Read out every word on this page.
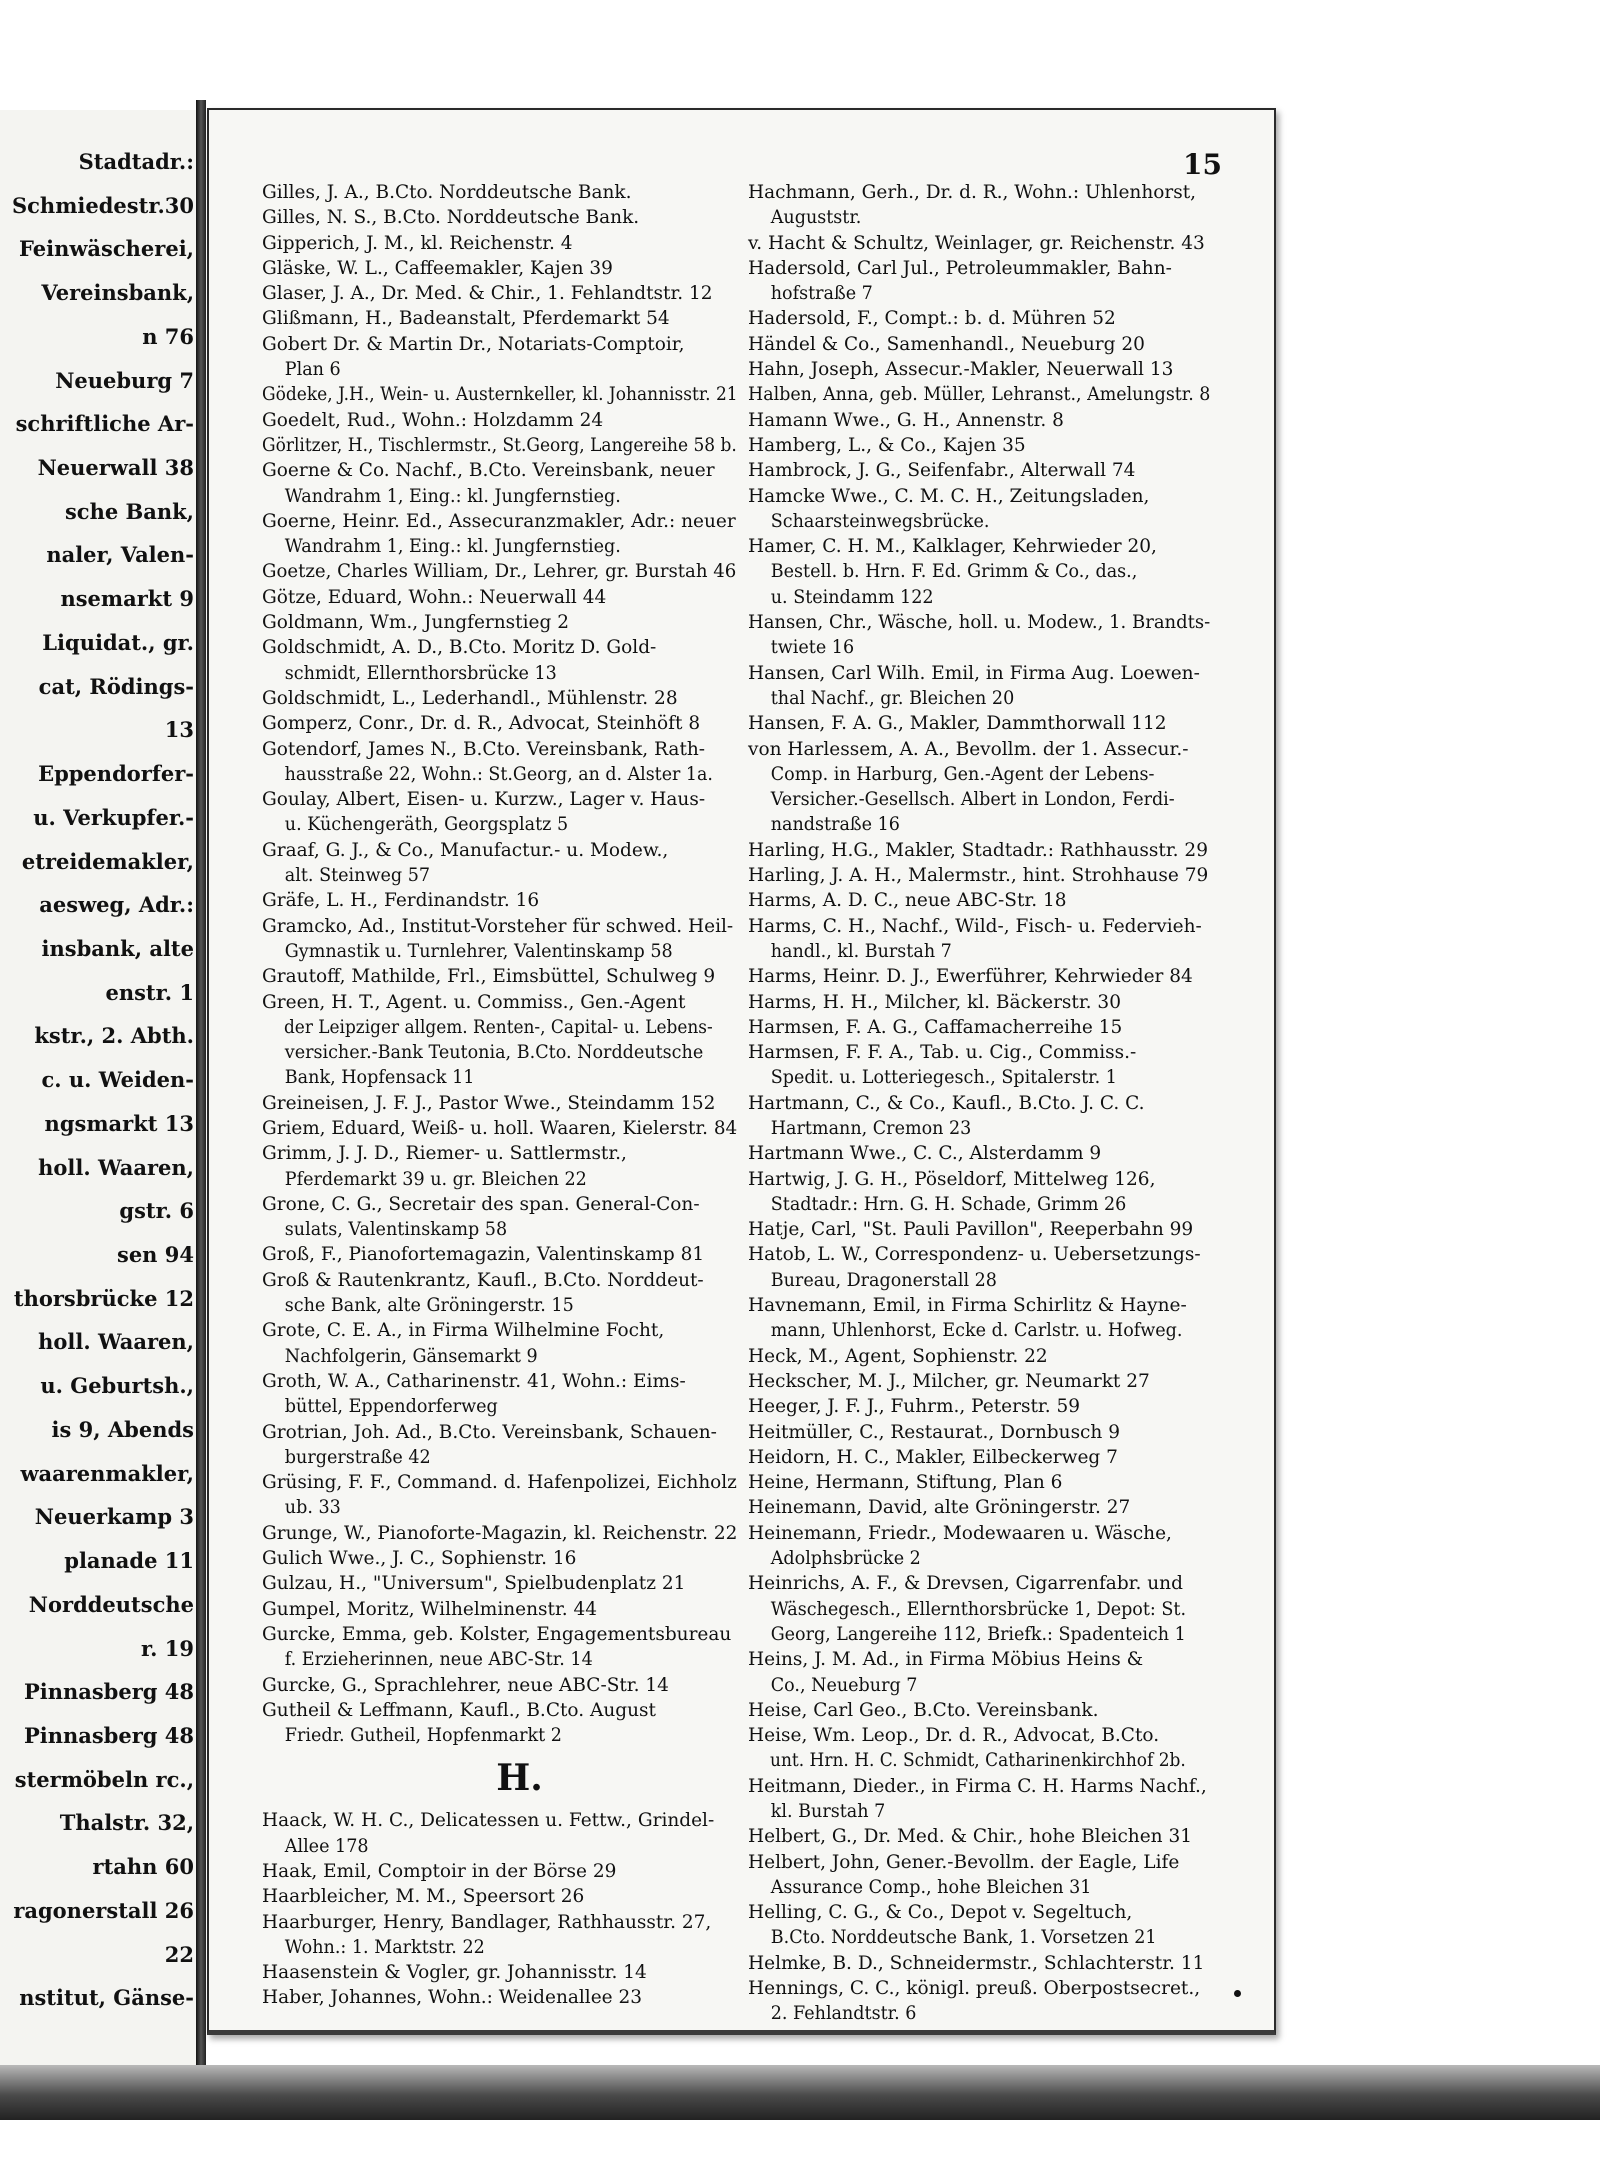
Stadtadr.:
Schmiedestr.30
Feinwäscherei,
Vereinsbank,
n 76
Neueburg 7
schriftliche Ar-
Neuerwall 38
sche Bank,
naler, Valen-
nsemarkt 9
Liquidat., gr.
cat, Rödings-
13
Eppendorfer-
u. Verkupfer.-
etreidemakler,
aesweg, Adr.:
insbank, alte
enstr. 1
kstr., 2. Abth.
c. u. Weiden-
ngsmarkt 13
holl. Waaren,
gstr. 6
sen 94
thorsbrücke 12
holl. Waaren,
u. Geburtsh.,
is 9, Abends
waarenmakler,
Neuerkamp 3
planade 11
Norddeutsche
r. 19
Pinnasberg 48
Pinnasberg 48
stermöbeln rc.,
Thalstr. 32,
rtahn 60
ragonerstall 26
22
nstitut, Gänse-
15
Gilles, J. A., B.Cto. Norddeutsche Bank.
Gilles, N. S., B.Cto. Norddeutsche Bank.
Gipperich, J. M., kl. Reichenstr. 4
Gläske, W. L., Caffeemakler, Kajen 39
Glaser, J. A., Dr. Med. & Chir., 1. Fehlandtstr. 12
Glißmann, H., Badeanstalt, Pferdemarkt 54
Gobert Dr. & Martin Dr., Notariats-Comptoir,
Plan 6
Gödeke, J.H., Wein- u. Austernkeller, kl. Johannisstr. 21
Goedelt, Rud., Wohn.: Holzdamm 24
Görlitzer, H., Tischlermstr., St.Georg, Langereihe 58 b.
Goerne & Co. Nachf., B.Cto. Vereinsbank, neuer
Wandrahm 1, Eing.: kl. Jungfernstieg.
Goerne, Heinr. Ed., Assecuranzmakler, Adr.: neuer
Wandrahm 1, Eing.: kl. Jungfernstieg.
Goetze, Charles William, Dr., Lehrer, gr. Burstah 46
Götze, Eduard, Wohn.: Neuerwall 44
Goldmann, Wm., Jungfernstieg 2
Goldschmidt, A. D., B.Cto. Moritz D. Gold-
schmidt, Ellernthorsbrücke 13
Goldschmidt, L., Lederhandl., Mühlenstr. 28
Gomperz, Conr., Dr. d. R., Advocat, Steinhöft 8
Gotendorf, James N., B.Cto. Vereinsbank, Rath-
hausstraße 22, Wohn.: St.Georg, an d. Alster 1a.
Goulay, Albert, Eisen- u. Kurzw., Lager v. Haus-
u. Küchengeräth, Georgsplatz 5
Graaf, G. J., & Co., Manufactur.- u. Modew.,
alt. Steinweg 57
Gräfe, L. H., Ferdinandstr. 16
Gramcko, Ad., Institut-Vorsteher für schwed. Heil-
Gymnastik u. Turnlehrer, Valentinskamp 58
Grautoff, Mathilde, Frl., Eimsbüttel, Schulweg 9
Green, H. T., Agent. u. Commiss., Gen.-Agent
der Leipziger allgem. Renten-, Capital- u. Lebens-
versicher.-Bank Teutonia, B.Cto. Norddeutsche
Bank, Hopfensack 11
Greineisen, J. F. J., Pastor Wwe., Steindamm 152
Griem, Eduard, Weiß- u. holl. Waaren, Kielerstr. 84
Grimm, J. J. D., Riemer- u. Sattlermstr.,
Pferdemarkt 39 u. gr. Bleichen 22
Grone, C. G., Secretair des span. General-Con-
sulats, Valentinskamp 58
Groß, F., Pianofortemagazin, Valentinskamp 81
Groß & Rautenkrantz, Kaufl., B.Cto. Norddeut-
sche Bank, alte Gröningerstr. 15
Grote, C. E. A., in Firma Wilhelmine Focht,
Nachfolgerin, Gänsemarkt 9
Groth, W. A., Catharinenstr. 41, Wohn.: Eims-
büttel, Eppendorferweg
Grotrian, Joh. Ad., B.Cto. Vereinsbank, Schauen-
burgerstraße 42
Grüsing, F. F., Command. d. Hafenpolizei, Eichholz
ub. 33
Grunge, W., Pianoforte-Magazin, kl. Reichenstr. 22
Gulich Wwe., J. C., Sophienstr. 16
Gulzau, H., "Universum", Spielbudenplatz 21
Gumpel, Moritz, Wilhelminenstr. 44
Gurcke, Emma, geb. Kolster, Engagementsbureau
f. Erzieherinnen, neue ABC-Str. 14
Gurcke, G., Sprachlehrer, neue ABC-Str. 14
Gutheil & Leffmann, Kaufl., B.Cto. August
Friedr. Gutheil, Hopfenmarkt 2
H.
Haack, W. H. C., Delicatessen u. Fettw., Grindel-
Allee 178
Haak, Emil, Comptoir in der Börse 29
Haarbleicher, M. M., Speersort 26
Haarburger, Henry, Bandlager, Rathhausstr. 27,
Wohn.: 1. Marktstr. 22
Haasenstein & Vogler, gr. Johannisstr. 14
Haber, Johannes, Wohn.: Weidenallee 23
Hachmann, Gerh., Dr. d. R., Wohn.: Uhlenhorst,
Auguststr.
v. Hacht & Schultz, Weinlager, gr. Reichenstr. 43
Hadersold, Carl Jul., Petroleummakler, Bahn-
hofstraße 7
Hadersold, F., Compt.: b. d. Mühren 52
Händel & Co., Samenhandl., Neueburg 20
Hahn, Joseph, Assecur.-Makler, Neuerwall 13
Halben, Anna, geb. Müller, Lehranst., Amelungstr. 8
Hamann Wwe., G. H., Annenstr. 8
Hamberg, L., & Co., Kajen 35
Hambrock, J. G., Seifenfabr., Alterwall 74
Hamcke Wwe., C. M. C. H., Zeitungsladen,
Schaarsteinwegsbrücke.
Hamer, C. H. M., Kalklager, Kehrwieder 20,
Bestell. b. Hrn. F. Ed. Grimm & Co., das.,
u. Steindamm 122
Hansen, Chr., Wäsche, holl. u. Modew., 1. Brandts-
twiete 16
Hansen, Carl Wilh. Emil, in Firma Aug. Loewen-
thal Nachf., gr. Bleichen 20
Hansen, F. A. G., Makler, Dammthorwall 112
von Harlessem, A. A., Bevollm. der 1. Assecur.-
Comp. in Harburg, Gen.-Agent der Lebens-
Versicher.-Gesellsch. Albert in London, Ferdi-
nandstraße 16
Harling, H.G., Makler, Stadtadr.: Rathhausstr. 29
Harling, J. A. H., Malermstr., hint. Strohhause 79
Harms, A. D. C., neue ABC-Str. 18
Harms, C. H., Nachf., Wild-, Fisch- u. Federvieh-
handl., kl. Burstah 7
Harms, Heinr. D. J., Ewerführer, Kehrwieder 84
Harms, H. H., Milcher, kl. Bäckerstr. 30
Harmsen, F. A. G., Caffamacherreihe 15
Harmsen, F. F. A., Tab. u. Cig., Commiss.-
Spedit. u. Lotteriegesch., Spitalerstr. 1
Hartmann, C., & Co., Kaufl., B.Cto. J. C. C.
Hartmann, Cremon 23
Hartmann Wwe., C. C., Alsterdamm 9
Hartwig, J. G. H., Pöseldorf, Mittelweg 126,
Stadtadr.: Hrn. G. H. Schade, Grimm 26
Hatje, Carl, "St. Pauli Pavillon", Reeperbahn 99
Hatob, L. W., Correspondenz- u. Uebersetzungs-
Bureau, Dragonerstall 28
Havnemann, Emil, in Firma Schirlitz & Hayne-
mann, Uhlenhorst, Ecke d. Carlstr. u. Hofweg.
Heck, M., Agent, Sophienstr. 22
Heckscher, M. J., Milcher, gr. Neumarkt 27
Heeger, J. F. J., Fuhrm., Peterstr. 59
Heitmüller, C., Restaurat., Dornbusch 9
Heidorn, H. C., Makler, Eilbeckerweg 7
Heine, Hermann, Stiftung, Plan 6
Heinemann, David, alte Gröningerstr. 27
Heinemann, Friedr., Modewaaren u. Wäsche,
Adolphsbrücke 2
Heinrichs, A. F., & Drevsen, Cigarrenfabr. und
Wäschegesch., Ellernthorsbrücke 1, Depot: St.
Georg, Langereihe 112, Briefk.: Spadenteich 1
Heins, J. M. Ad., in Firma Möbius Heins &
Co., Neueburg 7
Heise, Carl Geo., B.Cto. Vereinsbank.
Heise, Wm. Leop., Dr. d. R., Advocat, B.Cto.
unt. Hrn. H. C. Schmidt, Catharinenkirchhof 2b.
Heitmann, Dieder., in Firma C. H. Harms Nachf.,
kl. Burstah 7
Helbert, G., Dr. Med. & Chir., hohe Bleichen 31
Helbert, John, Gener.-Bevollm. der Eagle, Life
Assurance Comp., hohe Bleichen 31
Helling, C. G., & Co., Depot v. Segeltuch,
B.Cto. Norddeutsche Bank, 1. Vorsetzen 21
Helmke, B. D., Schneidermstr., Schlachterstr. 11
Hennings, C. C., königl. preuß. Oberpostsecret.,
2. Fehlandtstr. 6
